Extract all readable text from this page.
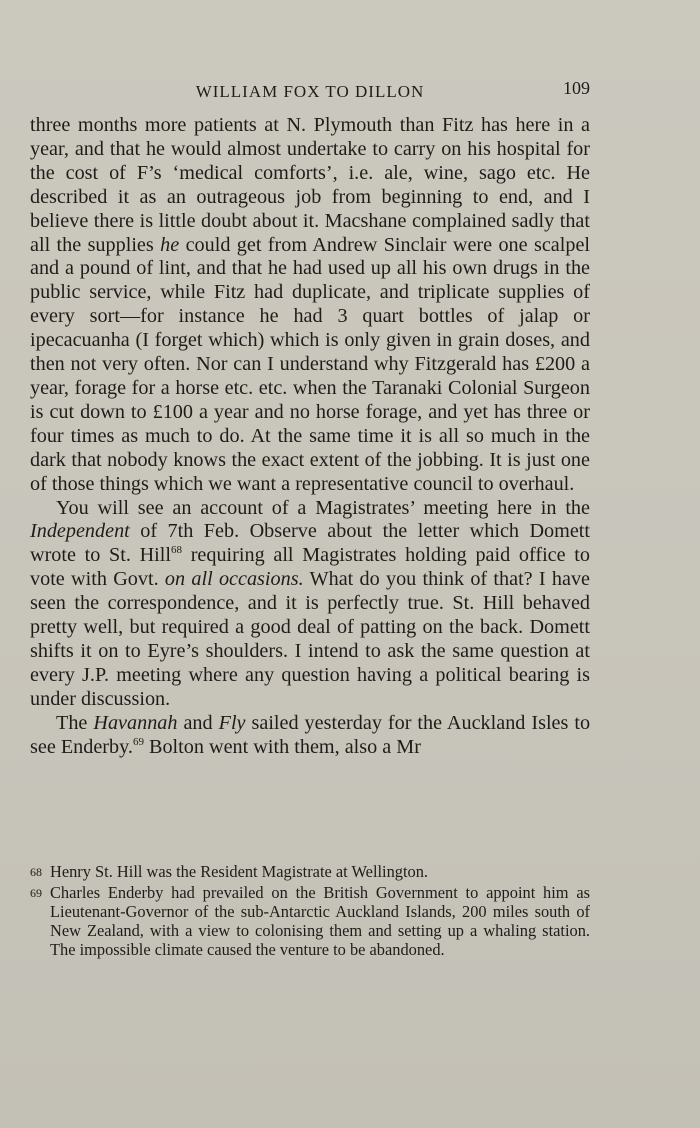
WILLIAM FOX TO DILLON	109

three months more patients at N. Plymouth than Fitz has here in a year, and that he would almost undertake to carry on his hospital for the cost of F’s ‘medical comforts’, i.e. ale, wine, sago etc. He described it as an outrageous job from beginning to end, and I believe there is little doubt about it. Macshane complained sadly that all the supplies he could get from Andrew Sinclair were one scalpel and a pound of lint, and that he had used up all his own drugs in the public service, while Fitz had duplicate, and triplicate supplies of every sort—for instance he had 3 quart bottles of jalap or ipecacuanha (I forget which) which is only given in grain doses, and then not very often. Nor can I understand why Fitzgerald has £200 a year, forage for a horse etc. etc. when the Taranaki Colonial Surgeon is cut down to £100 a year and no horse forage, and yet has three or four times as much to do. At the same time it is all so much in the dark that nobody knows the exact extent of the jobbing. It is just one of those things which we want a representative council to overhaul.

You will see an account of a Magistrates’ meeting here in the Independent of 7th Feb. Observe about the letter which Domett wrote to St. Hill$^{68}$ requiring all Magistrates holding paid office to vote with Govt. on all occasions. What do you think of that? I have seen the correspondence, and it is perfectly true. St. Hill behaved pretty well, but required a good deal of patting on the back. Domett shifts it on to Eyre’s shoulders. I intend to ask the same question at every J.P. meeting where any question having a political bearing is under discussion.

The Havannah and Fly sailed yesterday for the Auckland Isles to see Enderby.$^{69}$ Bolton went with them, also a Mr

68 Henry St. Hill was the Resident Magistrate at Wellington.
69 Charles Enderby had prevailed on the British Government to appoint him as Lieutenant-Governor of the sub-Antarctic Auckland Islands, 200 miles south of New Zealand, with a view to colonising them and setting up a whaling station. The impossible climate caused the venture to be abandoned.
